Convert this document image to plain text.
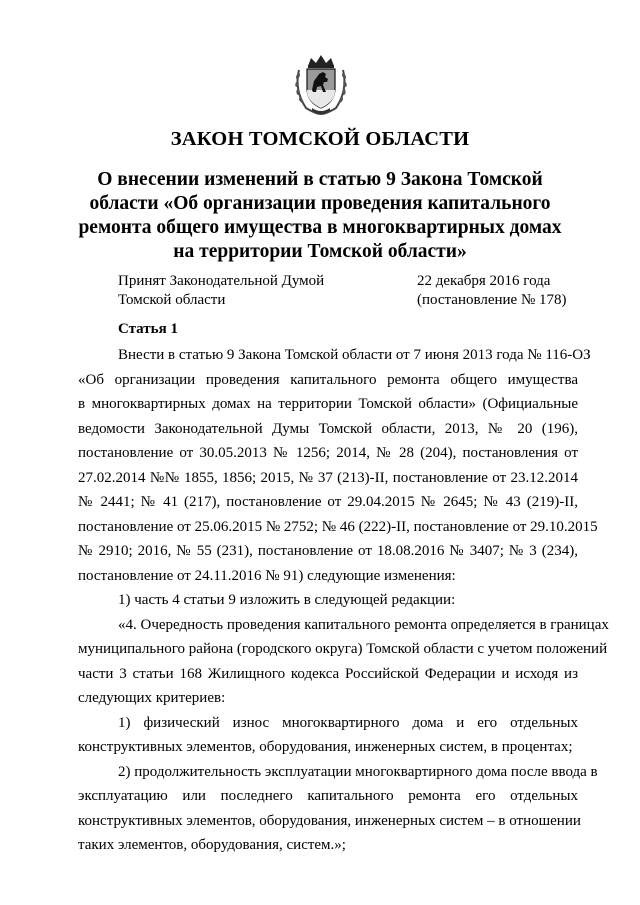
ЗАКОН ТОМСКОЙ ОБЛАСТИ
О внесении изменений в статью 9 Закона Томской
области «Об организации проведения капитального
ремонта общего имущества в многоквартирных домах
на территории Томской области»
Принят Законодательной Думой
Томской области
22 декабря 2016 года
(постановление № 178)
Статья 1
Внести в статью 9 Закона Томской области от 7 июня 2013 года № 116-ОЗ
«Об организации проведения капитального ремонта общего имущества
в многоквартирных домах на территории Томской области» (Официальные
ведомости Законодательной Думы Томской области, 2013, № 20 (196),
постановление от 30.05.2013 № 1256; 2014, № 28 (204), постановления от
27.02.2014 №№ 1855, 1856; 2015, № 37 (213)-II, постановление от 23.12.2014
№ 2441; № 41 (217), постановление от 29.04.2015 № 2645; № 43 (219)-II,
постановление от 25.06.2015 № 2752; № 46 (222)-II, постановление от 29.10.2015
№ 2910; 2016, № 55 (231), постановление от 18.08.2016 № 3407; № 3 (234),
постановление от 24.11.2016 № 91) следующие изменения:
1) часть 4 статьи 9 изложить в следующей редакции:
«4. Очередность проведения капитального ремонта определяется в границах
муниципального района (городского округа) Томской области с учетом положений
части 3 статьи 168 Жилищного кодекса Российской Федерации и исходя из
следующих критериев:
1) физический износ многоквартирного дома и его отдельных
конструктивных элементов, оборудования, инженерных систем, в процентах;
2) продолжительность эксплуатации многоквартирного дома после ввода в
эксплуатацию или последнего капитального ремонта его отдельных
конструктивных элементов, оборудования, инженерных систем – в отношении
таких элементов, оборудования, систем.»;
